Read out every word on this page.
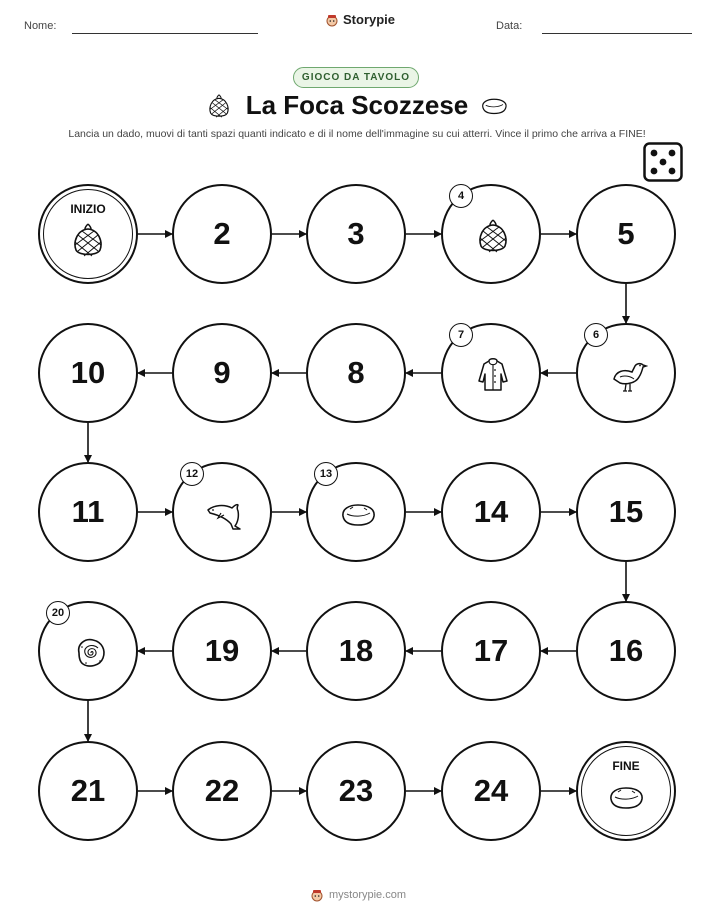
Nome:	Storypie	Data:
GIOCO DA TAVOLO
La Foca Scozzese
Lancia un dado, muovi di tanti spazi quanti indicato e di il nome dell'immagine su cui atterri. Vince il primo che arriva a FINE!
INIZIO
2	3
4
5
6
7
8
9
10
11
12	13
14	15
16
17
18
19
20
21	22	23	24
FINE
mystorypie.com
